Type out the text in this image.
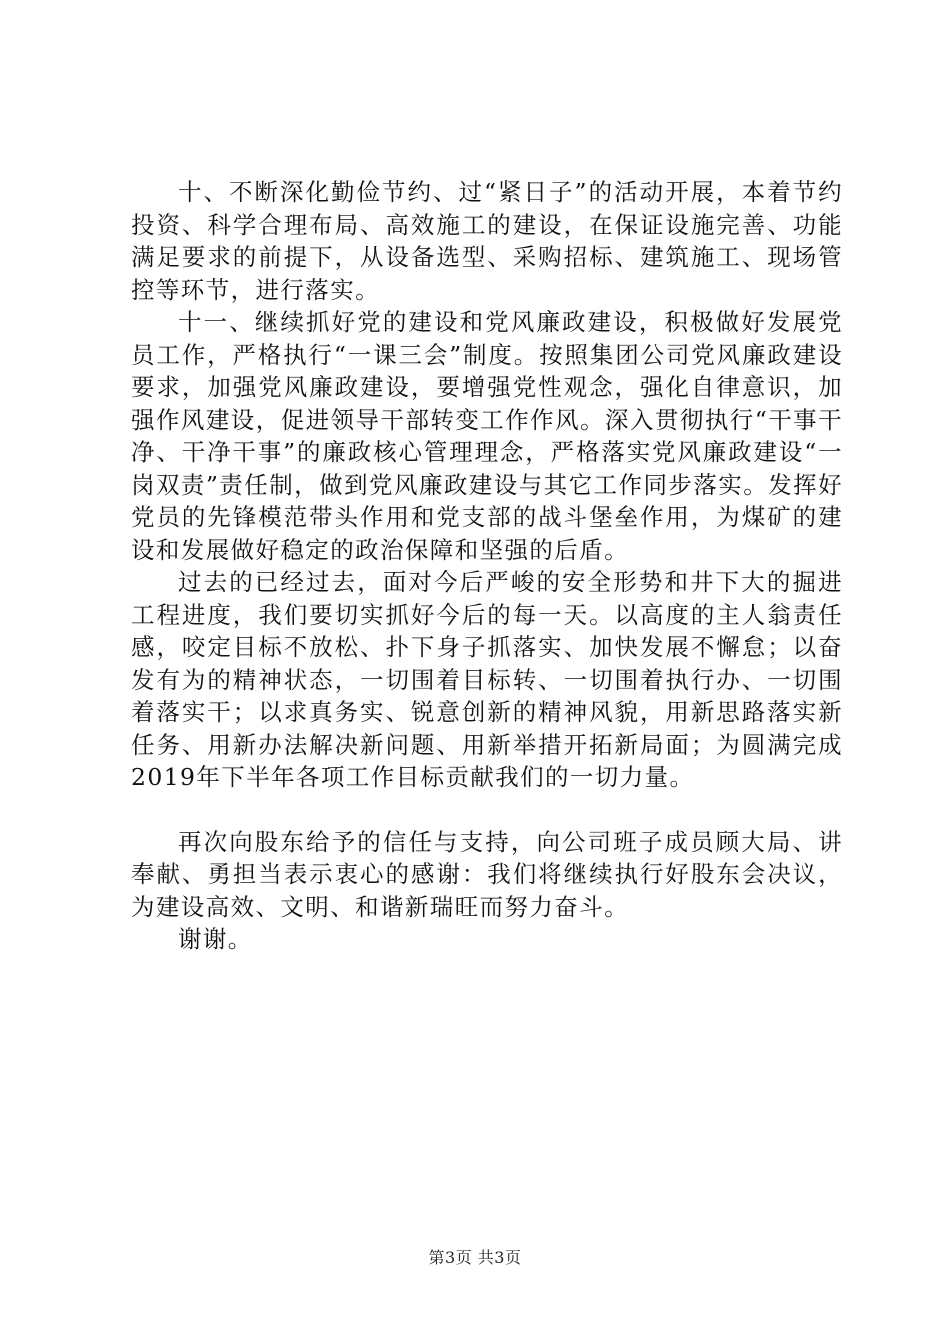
十、不断深化勤俭节约、过“紧日子”的活动开展，本着节约投资、科学合理布局、高效施工的建设，在保证设施完善、功能满足要求的前提下，从设备选型、采购招标、建筑施工、现场管控等环节，进行落实。

十一、继续抓好党的建设和党风廉政建设，积极做好发展党员工作，严格执行“一课三会”制度。按照集团公司党风廉政建设要求，加强党风廉政建设，要增强党性观念，强化自律意识，加强作风建设，促进领导干部转变工作作风。深入贯彻执行“干事干净、干净干事”的廉政核心管理理念，严格落实党风廉政建设“一岗双责”责任制，做到党风廉政建设与其它工作同步落实。发挥好党员的先锋模范带头作用和党支部的战斗堡垒作用，为煤矿的建设和发展做好稳定的政治保障和坚强的后盾。

过去的已经过去，面对今后严峻的安全形势和井下大的掘进工程进度，我们要切实抓好今后的每一天。以高度的主人翁责任感，咬定目标不放松、扑下身子抓落实、加快发展不懈怠；以奋发有为的精神状态，一切围着目标转、一切围着执行办、一切围着落实干；以求真务实、锐意创新的精神风貌，用新思路落实新任务、用新办法解决新问题、用新举措开拓新局面；为圆满完成2019年下半年各项工作目标贡献我们的一切力量。

再次向股东给予的信任与支持，向公司班子成员顾大局、讲奉献、勇担当表示衷心的感谢：我们将继续执行好股东会决议，为建设高效、文明、和谐新瑞旺而努力奋斗。

谢谢。

第3页 共3页
